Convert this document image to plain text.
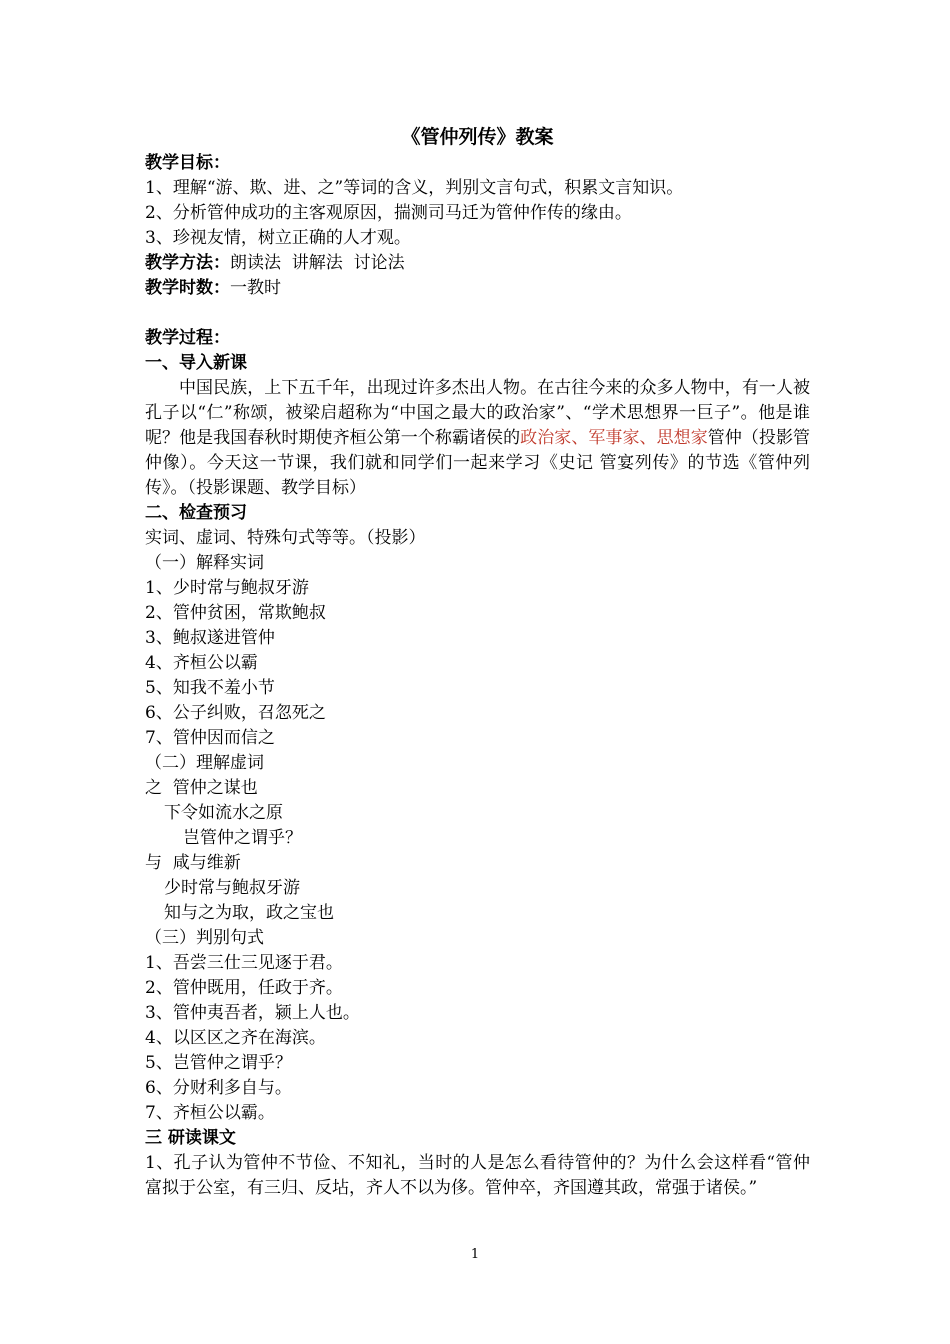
《管仲列传》教案
教学目标：
1、理解“游、欺、进、之”等词的含义，判别文言句式，积累文言知识。
2、分析管仲成功的主客观原因，揣测司马迁为管仲作传的缘由。
3、珍视友情，树立正确的人才观。
教学方法：朗读法  讲解法  讨论法
教学时数：一教时
教学过程：
一、导入新课
中国民族，上下五千年，出现过许多杰出人物。在古往今来的众多人物中，有一人被孔子以“仁”称颂，被梁启超称为“中国之最大的政治家”、“学术思想界一巨子”。他是谁呢？他是我国春秋时期使齐桓公第一个称霸诸侯的政治家、军事家、思想家管仲（投影管仲像）。今天这一节课，我们就和同学们一起来学习《史记 管宴列传》的节选《管仲列传》。（投影课题、教学目标）
二、检查预习
实词、虚词、特殊句式等等。（投影）
（一）解释实词
1、少时常与鲍叔牙游
2、管仲贫困，常欺鲍叔
3、鲍叔遂进管仲
4、齐桓公以霸
5、知我不羞小节
6、公子纠败，召忽死之
7、管仲因而信之
（二）理解虚词
之  管仲之谋也
下令如流水之原
岂管仲之谓乎？
与  咸与维新
少时常与鲍叔牙游
知与之为取，政之宝也
（三）判别句式
1、吾尝三仕三见逐于君。
2、管仲既用，任政于齐。
3、管仲夷吾者，颍上人也。
4、以区区之齐在海滨。
5、岂管仲之谓乎？
6、分财利多自与。
7、齐桓公以霸。
三 研读课文
1、孔子认为管仲不节俭、不知礼，当时的人是怎么看待管仲的？为什么会这样看“管仲富拟于公室，有三归、反坫，齐人不以为侈。管仲卒，齐国遵其政，常强于诸侯。”
1
